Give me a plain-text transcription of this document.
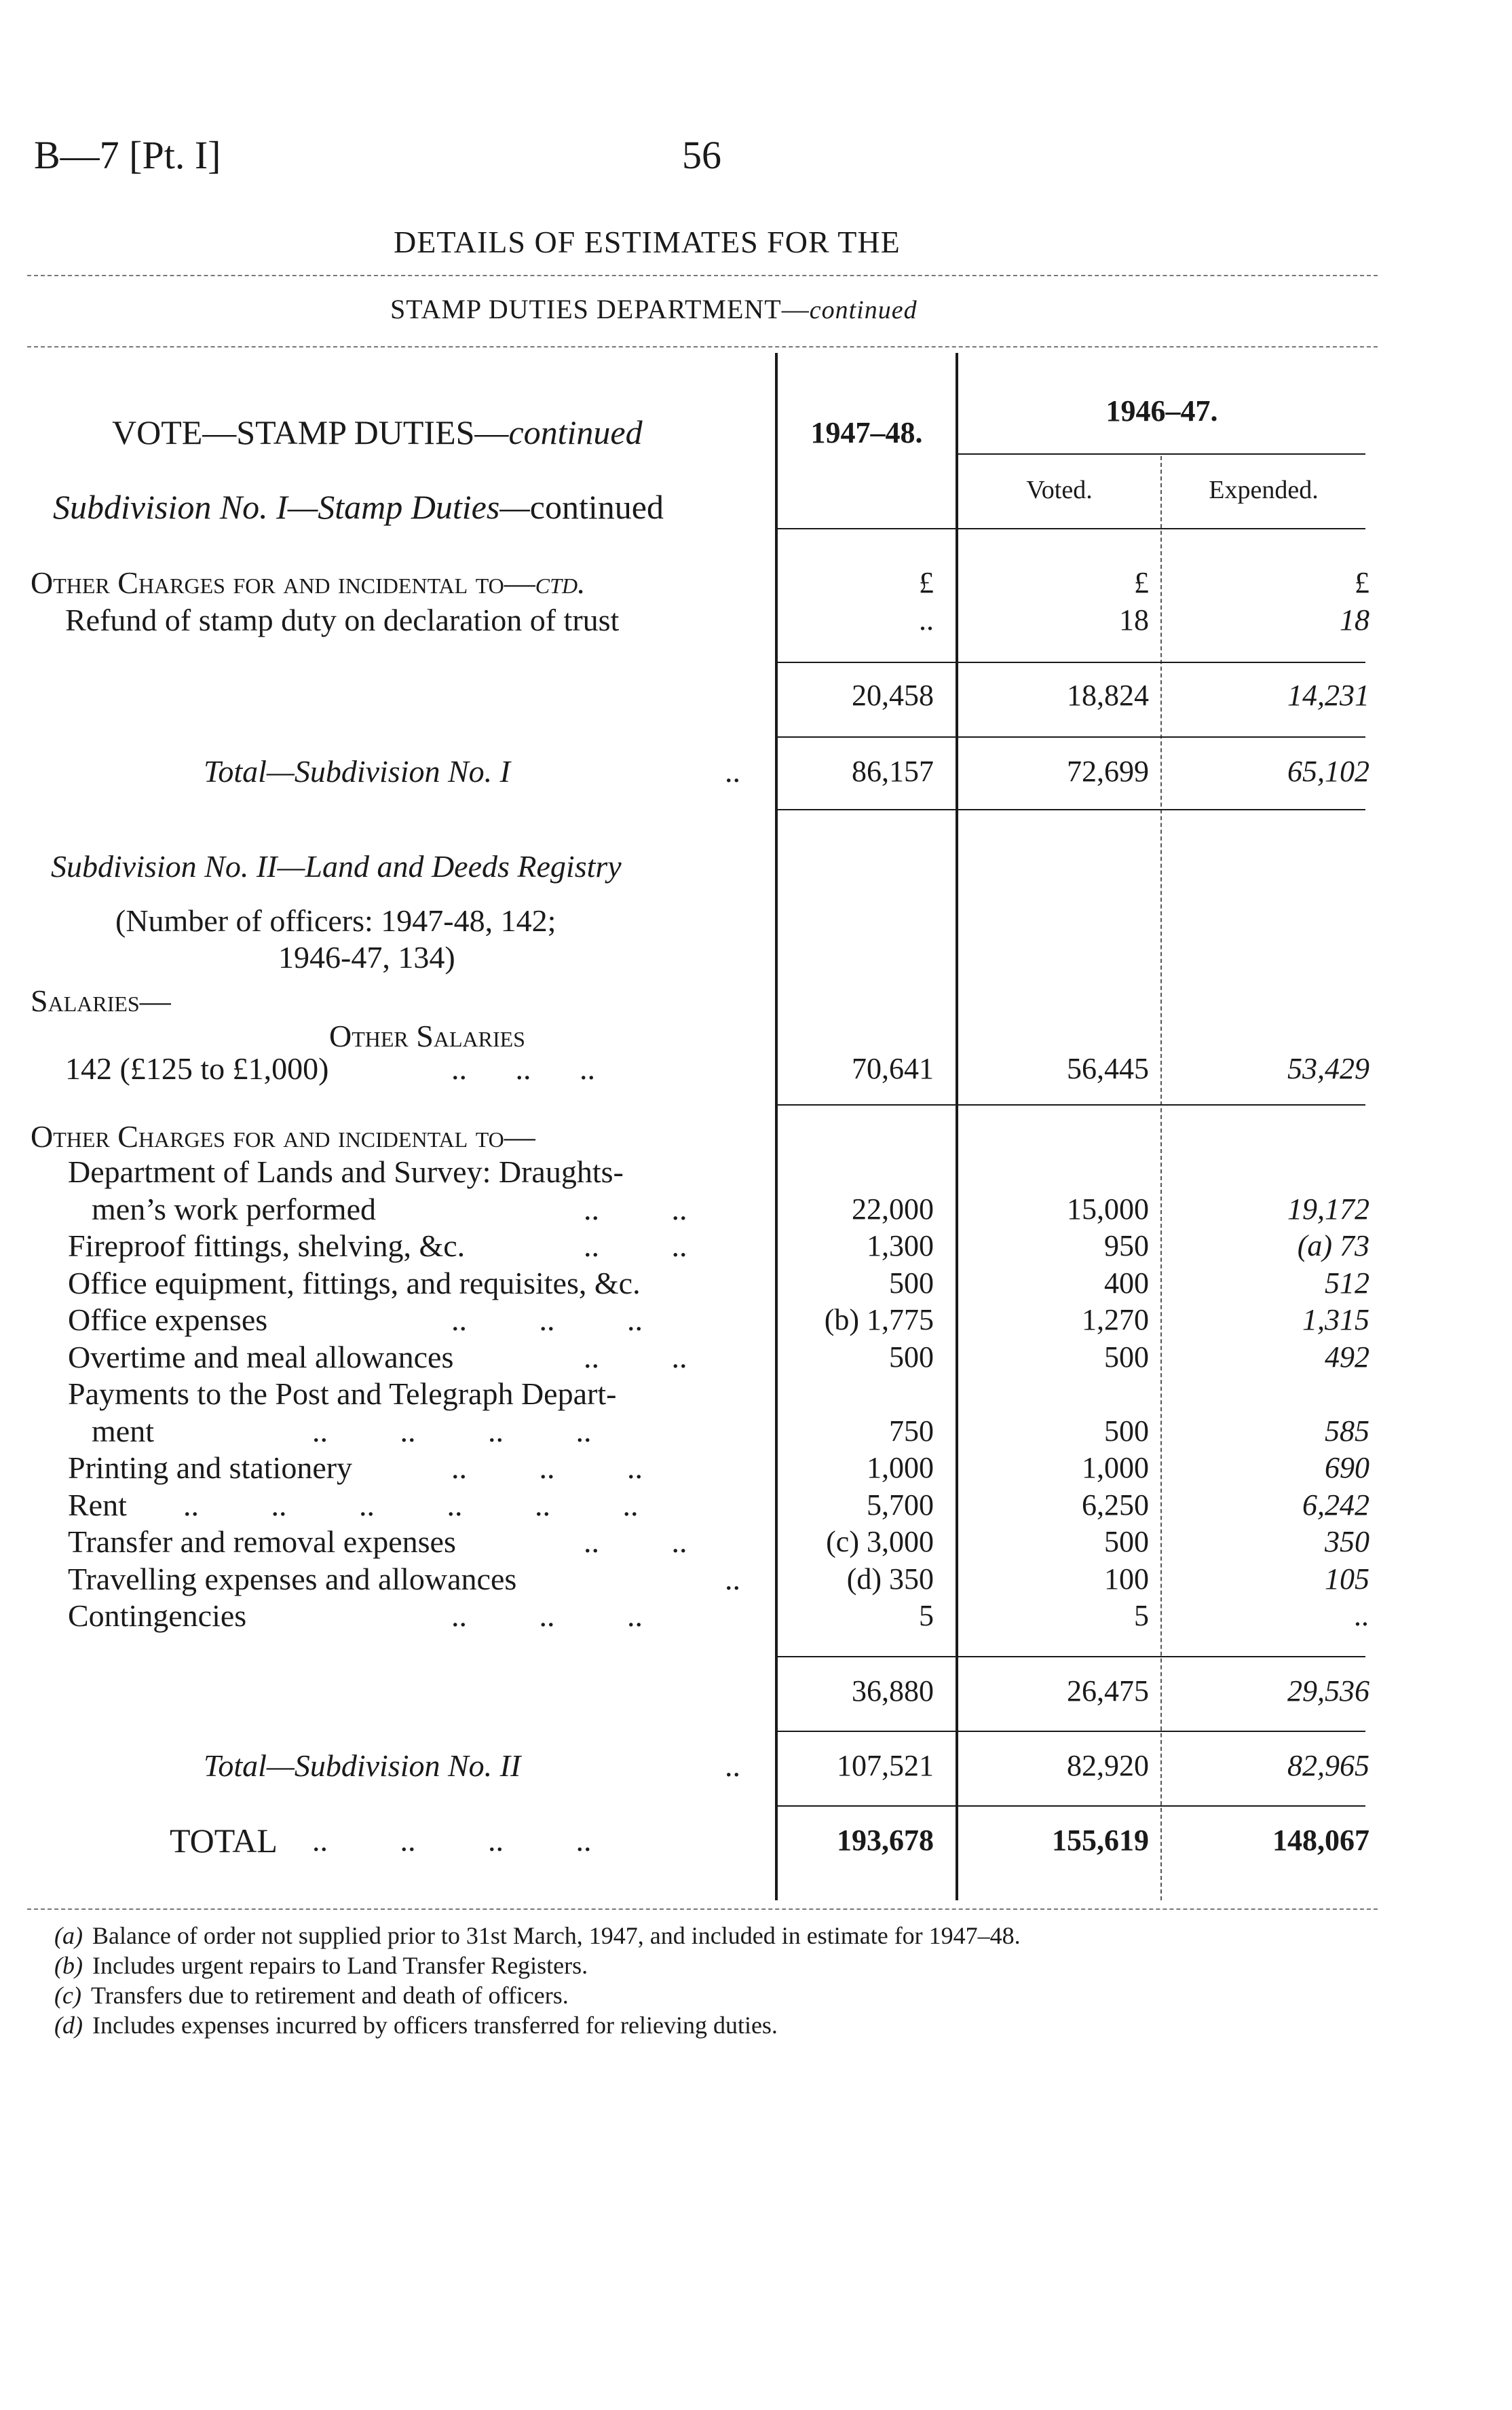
B—7 [Pt. I]	56
DETAILS OF ESTIMATES FOR THE
STAMP DUTIES DEPARTMENT—continued
VOTE—STAMP DUTIES—continued
Subdivision No. I—Stamp Duties—continued
1947–48.
1946–47.
Voted.	Expended.
Other Charges for and incidental to—ctd.	£	£	£
Refund of stamp duty on declaration of trust	..	18	18
20,458	18,824	14,231
Total—Subdivision No. I	..	86,157	72,699	65,102
Subdivision No. II—Land and Deeds Registry
(Number of officers: 1947-48, 142;
1946-47, 134)
Salaries—
Other Salaries
142 (£125 to £1,000)	.. .. ..	70,641	56,445	53,429
Other Charges for and incidental to—
Department of Lands and Survey: Draughts-
men’s work performed	.. ..	22,000	15,000	19,172
Fireproof fittings, shelving, &c.	.. ..	1,300	950	(a) 73
Office equipment, fittings, and requisites, &c.	500	400	512
Office expenses	.. .. ..	(b) 1,775	1,270	1,315
Overtime and meal allowances	.. ..	500	500	492
Payments to the Post and Telegraph Depart-
ment	.. .. .. ..	750	500	585
Printing and stationery	.. .. ..	1,000	1,000	690
Rent .. .. .. .. .. ..	5,700	6,250	6,242
Transfer and removal expenses	.. ..	(c) 3,000	500	350
Travelling expenses and allowances	..	(d) 350	100	105
Contingencies	.. .. ..	5	5	..
36,880	26,475	29,536
Total—Subdivision No. II	..	107,521	82,920	82,965
TOTAL .. .. .. ..	193,678	155,619	148,067
(a) Balance of order not supplied prior to 31st March, 1947, and included in estimate for 1947–48.
(b) Includes urgent repairs to Land Transfer Registers.
(c) Transfers due to retirement and death of officers.
(d) Includes expenses incurred by officers transferred for relieving duties.
